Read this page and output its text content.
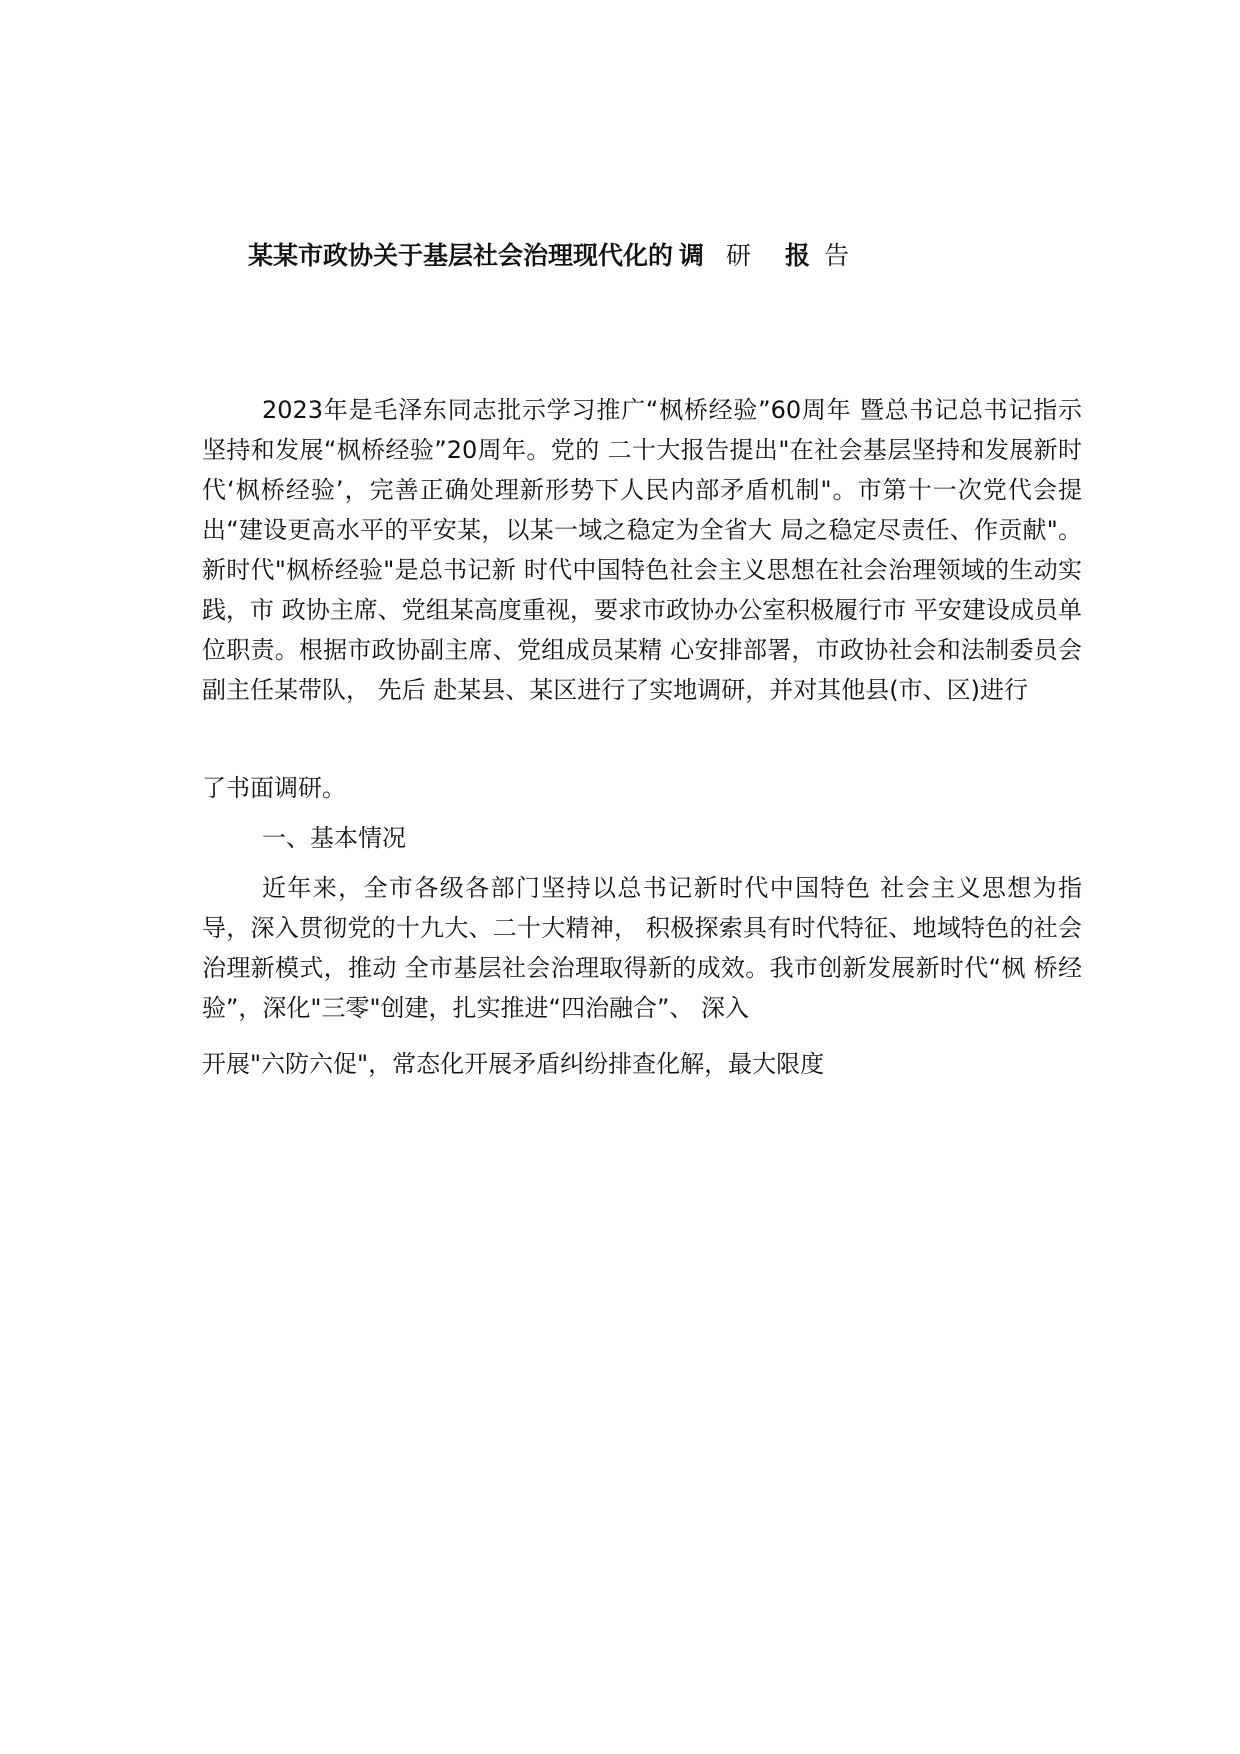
某某市政协关于基层社会治理现代化的 调 研 报 告

2023年是毛泽东同志批示学习推广“枫桥经验”60周年 暨总书记总书记指示坚持和发展“枫桥经验”20周年。党的 二十大报告提出"在社会基层坚持和发展新时代‘枫桥经验’，完善正确处理新形势下人民内部矛盾机制"。市第十一次党代会提出“建设更高水平的平安某，以某一域之稳定为全省大 局之稳定尽责任、作贡献"。新时代"枫桥经验"是总书记新 时代中国特色社会主义思想在社会治理领域的生动实践，市 政协主席、党组某高度重视，要求市政协办公室积极履行市 平安建设成员单位职责。根据市政协副主席、党组成员某精 心安排部署，市政协社会和法制委员会副主任某带队， 先后 赴某县、某区进行了实地调研，并对其他县(市、区)进行

了书面调研。

一、基本情况

近年来，全市各级各部门坚持以总书记新时代中国特色 社会主义思想为指导，深入贯彻党的十九大、二十大精神， 积极探索具有时代特征、地域特色的社会治理新模式，推动 全市基层社会治理取得新的成效。我市创新发展新时代“枫 桥经验”，深化"三零"创建，扎实推进“四治融合”、 深入

开展"六防六促"，常态化开展矛盾纠纷排查化解，最大限度
